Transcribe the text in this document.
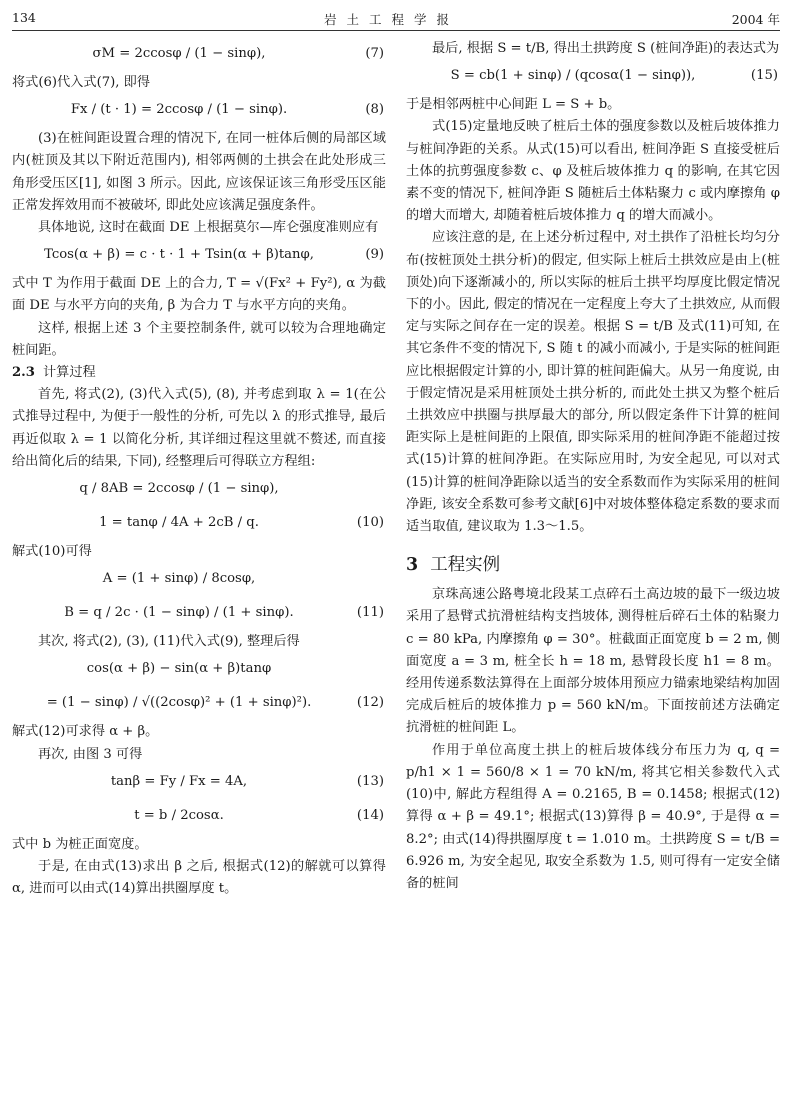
134	岩土工程学报	2004 年
σM = 2ccosφ / (1 − sinφ),	(7)

将式(6)代入式(7), 即得

Fx / (t · 1) = 2ccosφ / (1 − sinφ).	(8)

(3)在桩间距设置合理的情况下, 在同一桩体后侧的局部区域内(桩顶及其以下附近范围内), 相邻两侧的土拱会在此处形成三角形受压区[1], 如图 3 所示。因此, 应该保证该三角形受压区能正常发挥效用而不被破坏, 即此处应该满足强度条件。

具体地说, 这时在截面 DE 上根据莫尔—库仑强度准则应有

Tcos(α + β) = c · t · 1 + Tsin(α + β)tanφ,	(9)

式中 T 为作用于截面 DE 上的合力, T = √(Fx² + Fy²), α 为截面 DE 与水平方向的夹角, β 为合力 T 与水平方向的夹角。

这样, 根据上述 3 个主要控制条件, 就可以较为合理地确定桩间距。

2.3 计算过程

首先, 将式(2), (3)代入式(5), (8), 并考虑到取 λ = 1(在公式推导过程中, 为便于一般性的分析, 可先以 λ 的形式推导, 最后再近似取 λ = 1 以简化分析, 其详细过程这里就不赘述, 而直接给出简化后的结果, 下同), 经整理后可得联立方程组:

q / 8AB = 2ccosφ / (1 − sinφ),
1 = tanφ / 4A + 2cB / q.	(10)

解式(10)可得

A = (1 + sinφ) / 8cosφ,
B = q / 2c · (1 − sinφ) / (1 + sinφ).	(11)

其次, 将式(2), (3), (11)代入式(9), 整理后得

cos(α + β) − sin(α + β)tanφ
= (1 − sinφ) / √((2cosφ)² + (1 + sinφ)²).	(12)

解式(12)可求得 α + β。

再次, 由图 3 可得

tanβ = Fy / Fx = 4A,	(13)
t = b / 2cosα.	(14)

式中 b 为桩正面宽度。

于是, 在由式(13)求出 β 之后, 根据式(12)的解就可以算得 α, 进而可以由式(14)算出拱圈厚度 t。

最后, 根据 S = t/B, 得出土拱跨度 S (桩间净距)的表达式为

S = cb(1 + sinφ) / (qcosα(1 − sinφ)),	(15)

于是相邻两桩中心间距 L = S + b。

式(15)定量地反映了桩后土体的强度参数以及桩后坡体推力与桩间净距的关系。从式(15)可以看出, 桩间净距 S 直接受桩后土体的抗剪强度参数 c、φ 及桩后坡体推力 q 的影响, 在其它因素不变的情况下, 桩间净距 S 随桩后土体粘聚力 c 或内摩擦角 φ 的增大而增大, 却随着桩后坡体推力 q 的增大而减小。

应该注意的是, 在上述分析过程中, 对土拱作了沿桩长均匀分布(按桩顶处土拱分析)的假定, 但实际上桩后土拱效应是由上(桩顶处)向下逐渐减小的, 所以实际的桩后土拱平均厚度比假定情况下的小。因此, 假定的情况在一定程度上夸大了土拱效应, 从而假定与实际之间存在一定的误差。根据 S = t/B 及式(11)可知, 在其它条件不变的情况下, S 随 t 的减小而减小, 于是实际的桩间距应比根据假定计算的小, 即计算的桩间距偏大。从另一角度说, 由于假定情况是采用桩顶处土拱分析的, 而此处土拱又为整个桩后土拱效应中拱圈与拱厚最大的部分, 所以假定条件下计算的桩间距实际上是桩间距的上限值, 即实际采用的桩间净距不能超过按式(15)计算的桩间净距。在实际应用时, 为安全起见, 可以对式(15)计算的桩间净距除以适当的安全系数而作为实际采用的桩间净距, 该安全系数可参考文献[6]中对坡体整体稳定系数的要求而适当取值, 建议取为 1.3～1.5。

3 工程实例

京珠高速公路粤境北段某工点碎石土高边坡的最下一级边坡采用了悬臂式抗滑桩结构支挡坡体, 测得桩后碎石土体的粘聚力 c = 80 kPa, 内摩擦角 φ = 30°。桩截面正面宽度 b = 2 m, 侧面宽度 a = 3 m, 桩全长 h = 18 m, 悬臂段长度 h1 = 8 m。经用传递系数法算得在上面部分坡体用预应力锚索地梁结构加固完成后桩后的坡体推力 p = 560 kN/m。下面按前述方法确定抗滑桩的桩间距 L。

作用于单位高度土拱上的桩后坡体线分布压力为 q, q = p/h1 × 1 = 560/8 × 1 = 70 kN/m, 将其它相关参数代入式(10)中, 解此方程组得 A = 0.2165, B = 0.1458; 根据式(12)算得 α + β = 49.1°; 根据式(13)算得 β = 40.9°, 于是得 α = 8.2°; 由式(14)得拱圈厚度 t = 1.010 m。土拱跨度 S = t/B = 6.926 m, 为安全起见, 取安全系数为 1.5, 则可得有一定安全储备的桩间
